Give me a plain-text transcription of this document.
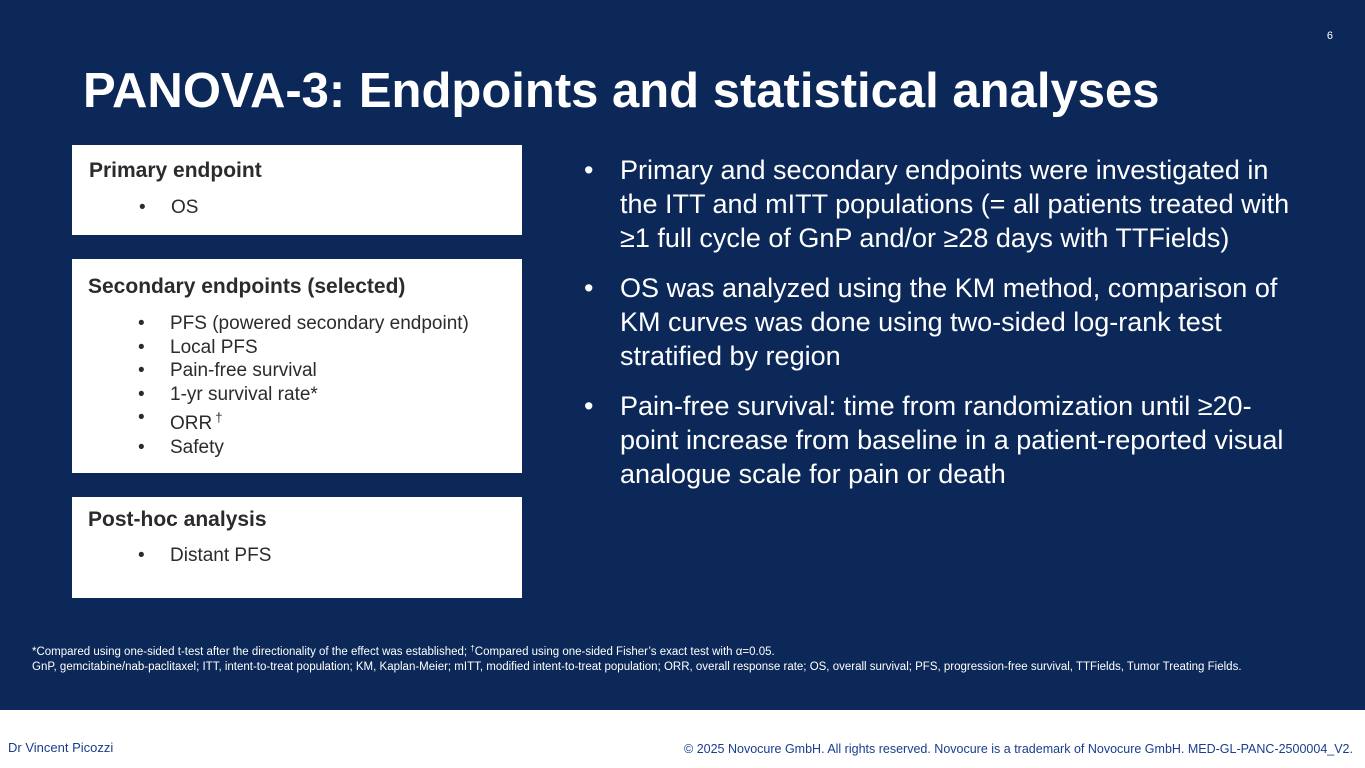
6
PANOVA-3: Endpoints and statistical analyses
Primary endpoint
• OS
Secondary endpoints (selected)
• PFS (powered secondary endpoint)
• Local PFS
• Pain-free survival
• 1-yr survival rate*
• ORR †
• Safety
Post-hoc analysis
• Distant PFS
• Primary and secondary endpoints were investigated in the ITT and mITT populations (= all patients treated with ≥1 full cycle of GnP and/or ≥28 days with TTFields)
• OS was analyzed using the KM method, comparison of KM curves was done using two-sided log-rank test stratified by region
• Pain-free survival: time from randomization until ≥20-point increase from baseline in a patient-reported visual analogue scale for pain or death

*Compared using one-sided t-test after the directionality of the effect was established; †Compared using one-sided Fisher’s exact test with α=0.05.

GnP, gemcitabine/nab-paclitaxel; ITT, intent-to-treat population; KM, Kaplan-Meier; mITT, modified intent-to-treat population; ORR, overall response rate; OS, overall survival; PFS, progression-free survival, TTFields, Tumor Treating Fields.

Dr Vincent Picozzi	© 2025 Novocure GmbH. All rights reserved. Novocure is a trademark of Novocure GmbH. MED-GL-PANC-2500004_V2.
